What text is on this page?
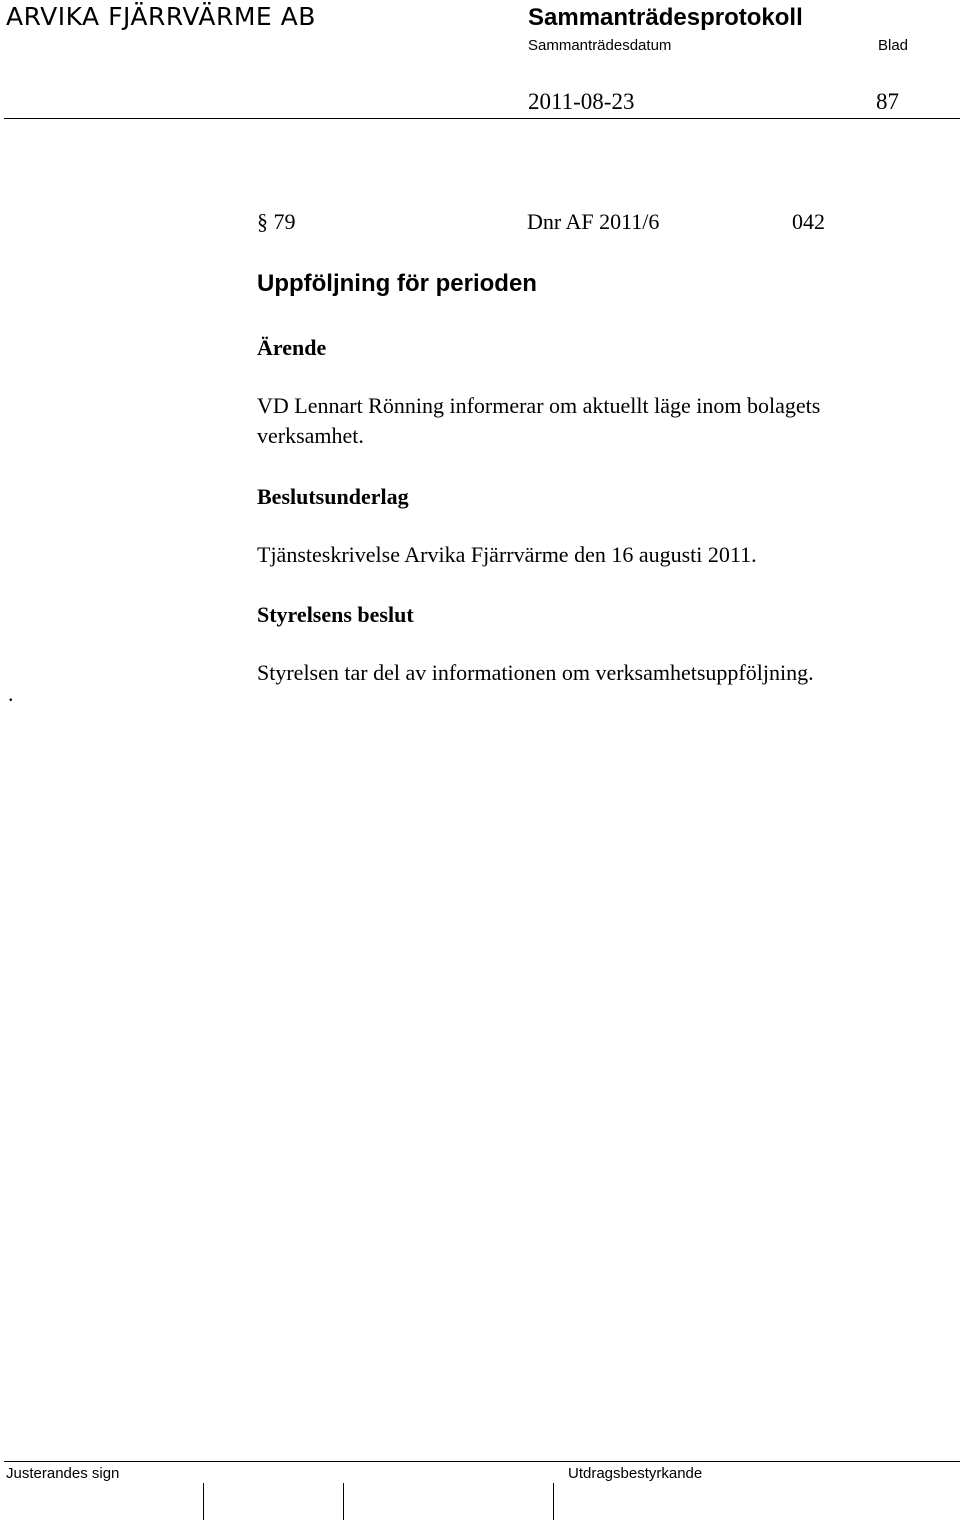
ARVIKA FJÄRRVÄRME AB	Sammanträdesprotokoll
Sammanträdesdatum	Blad
2011-08-23	87
§ 79	Dnr AF 2011/6	042
Uppföljning för perioden
Ärende
VD Lennart Rönning informerar om aktuellt läge inom bolagets
verksamhet.
Beslutsunderlag
Tjänsteskrivelse Arvika Fjärrvärme den 16 augusti 2011.
Styrelsens beslut
Styrelsen tar del av informationen om verksamhetsuppföljning.
.
Justerandes sign	Utdragsbestyrkande
